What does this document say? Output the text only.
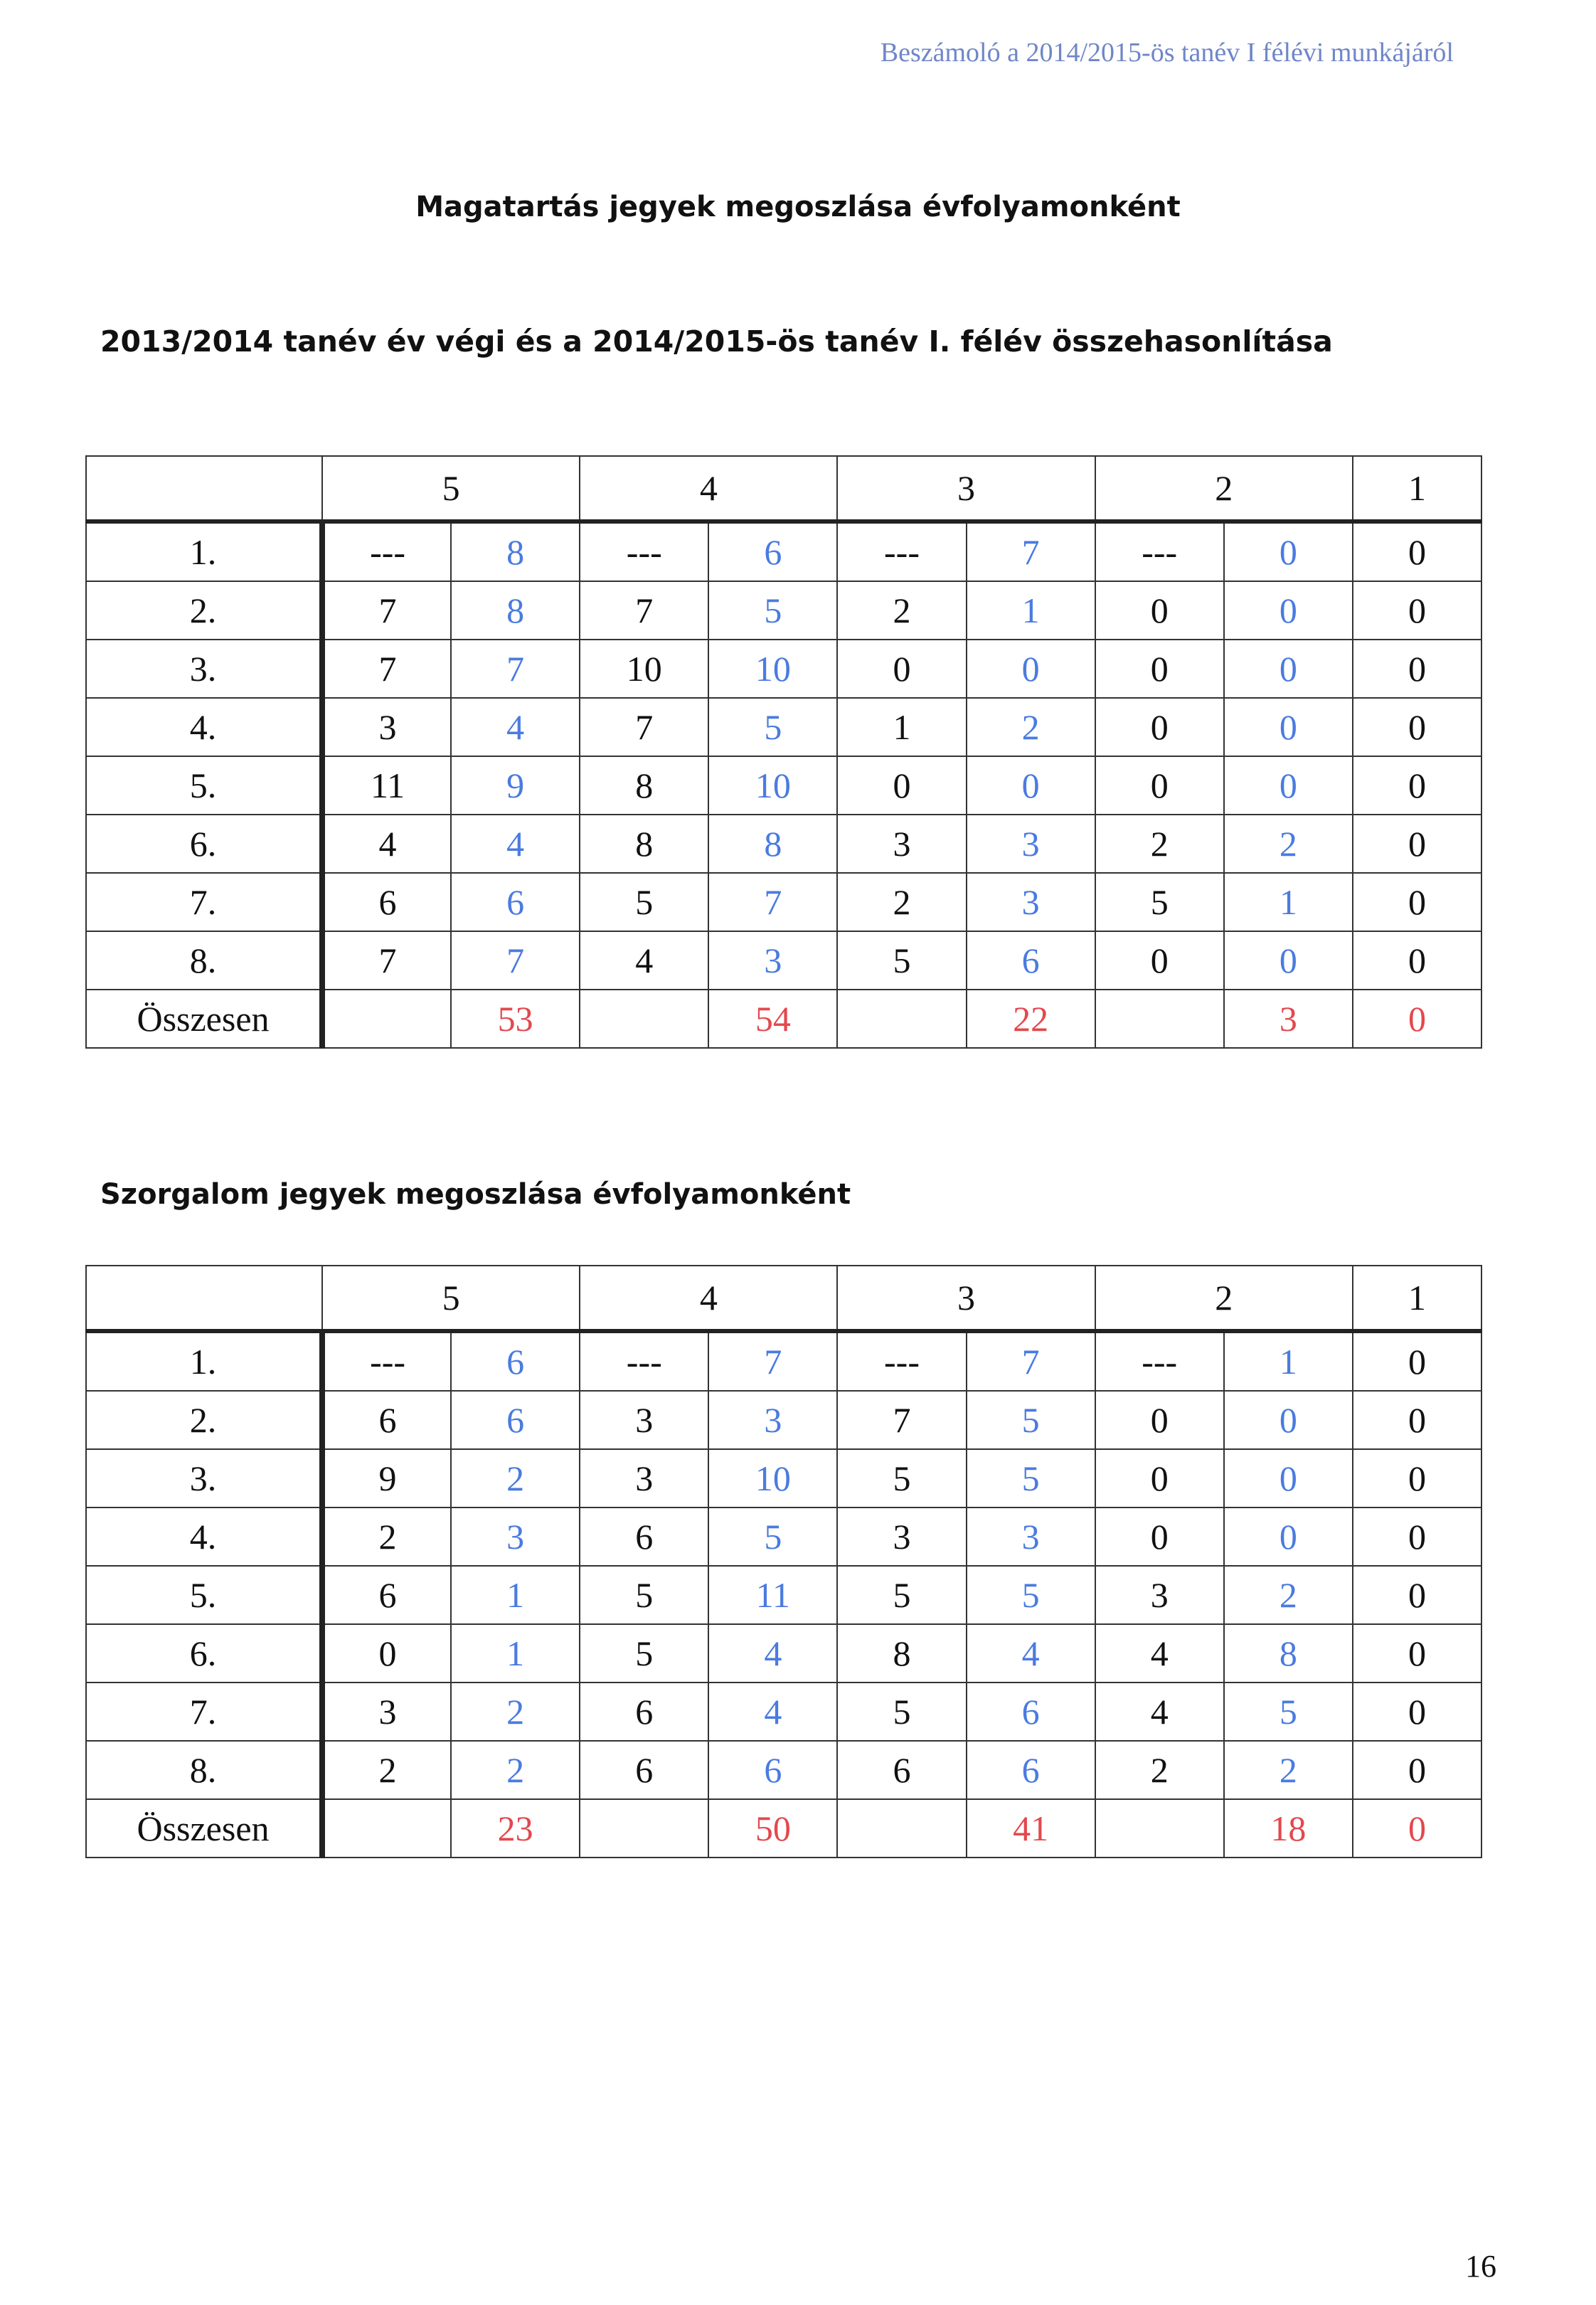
Beszámoló a 2014/2015-ös tanév I félévi munkájáról
Magatartás jegyek megoszlása évfolyamonként
2013/2014 tanév év végi és a 2014/2015-ös tanév I. félév összehasonlítása
	5		4		3		2		1
1.	---	8	---	6	---	7	---	0	0
2.	7	8	7	5	2	1	0	0	0
3.	7	7	10	10	0	0	0	0	0
4.	3	4	7	5	1	2	0	0	0
5.	11	9	8	10	0	0	0	0	0
6.	4	4	8	8	3	3	2	2	0
7.	6	6	5	7	2	3	5	1	0
8.	7	7	4	3	5	6	0	0	0
Összesen		53		54		22		3	0
Szorgalom jegyek megoszlása évfolyamonként
	5		4		3		2		1
1.	---	6	---	7	---	7	---	1	0
2.	6	6	3	3	7	5	0	0	0
3.	9	2	3	10	5	5	0	0	0
4.	2	3	6	5	3	3	0	0	0
5.	6	1	5	11	5	5	3	2	0
6.	0	1	5	4	8	4	4	8	0
7.	3	2	6	4	5	6	4	5	0
8.	2	2	6	6	6	6	2	2	0
Összesen		23		50		41		18	0
16
